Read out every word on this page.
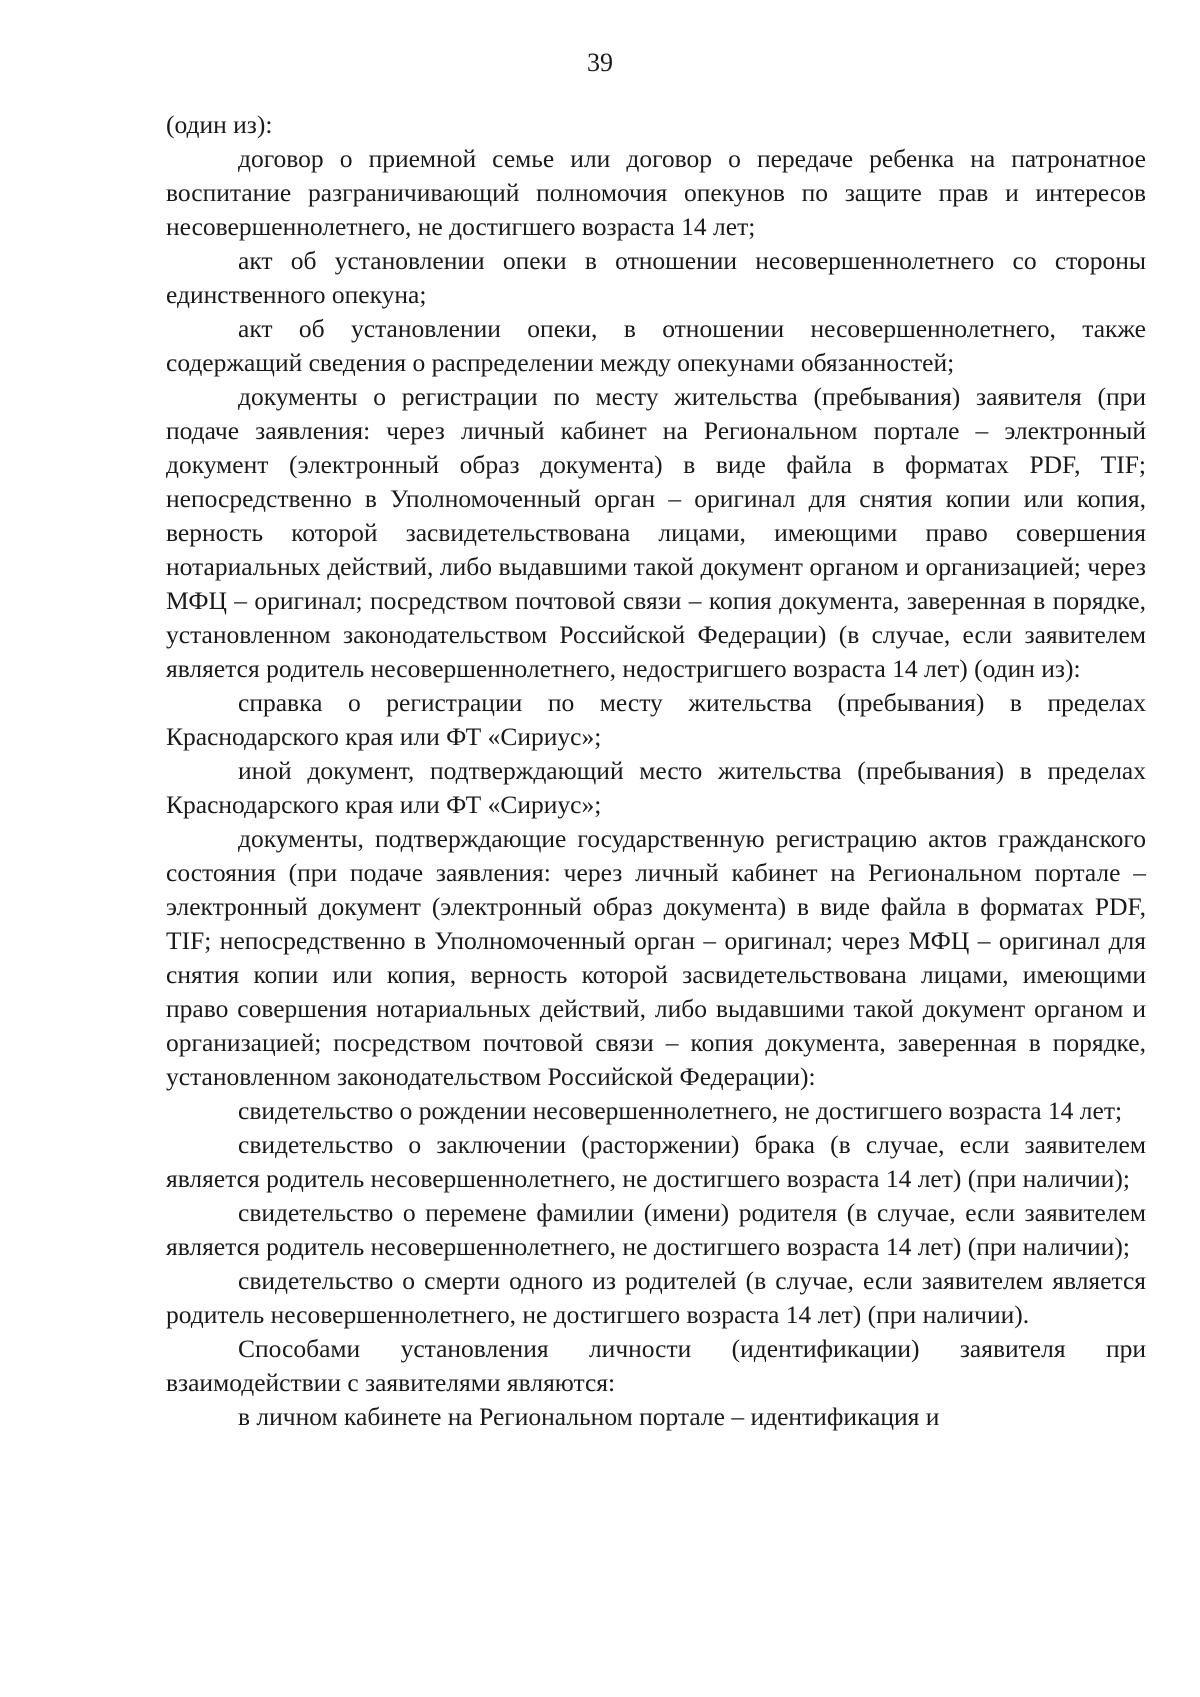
39

(один из):

договор о приемной семье или договор о передаче ребенка на патронатное воспитание разграничивающий полномочия опекунов по защите прав и интересов несовершеннолетнего, не достигшего возраста 14 лет;

акт об установлении опеки в отношении несовершеннолетнего со стороны единственного опекуна;

акт об установлении опеки, в отношении несовершеннолетнего, также содержащий сведения о распределении между опекунами обязанностей;

документы о регистрации по месту жительства (пребывания) заявителя (при подаче заявления: через личный кабинет на Региональном портале – электронный документ (электронный образ документа) в виде файла в форматах PDF, TIF; непосредственно в Уполномоченный орган – оригинал для снятия копии или копия, верность которой засвидетельствована лицами, имеющими право совершения нотариальных действий, либо выдавшими такой документ органом и организацией; через МФЦ – оригинал; посредством почтовой связи – копия документа, заверенная в порядке, установленном законодательством Российской Федерации) (в случае, если заявителем является родитель несовершеннолетнего, недостригшего возраста 14 лет) (один из):

справка о регистрации по месту жительства (пребывания) в пределах Краснодарского края или ФТ «Сириус»;

иной документ, подтверждающий место жительства (пребывания) в пределах Краснодарского края или ФТ «Сириус»;

документы, подтверждающие государственную регистрацию актов гражданского состояния (при подаче заявления: через личный кабинет на Региональном портале – электронный документ (электронный образ документа) в виде файла в форматах PDF, TIF; непосредственно в Уполномоченный орган – оригинал; через МФЦ – оригинал для снятия копии или копия, верность которой засвидетельствована лицами, имеющими право совершения нотариальных действий, либо выдавшими такой документ органом и организацией; посредством почтовой связи – копия документа, заверенная в порядке, установленном законодательством Российской Федерации):

свидетельство о рождении несовершеннолетнего, не достигшего возраста 14 лет;

свидетельство о заключении (расторжении) брака (в случае, если заявителем является родитель несовершеннолетнего, не достигшего возраста 14 лет) (при наличии);

свидетельство о перемене фамилии (имени) родителя (в случае, если заявителем является родитель несовершеннолетнего, не достигшего возраста 14 лет) (при наличии);

свидетельство о смерти одного из родителей (в случае, если заявителем является родитель несовершеннолетнего, не достигшего возраста 14 лет) (при наличии).

Способами установления личности (идентификации) заявителя при взаимодействии с заявителями являются:

в личном кабинете на Региональном портале – идентификация и
